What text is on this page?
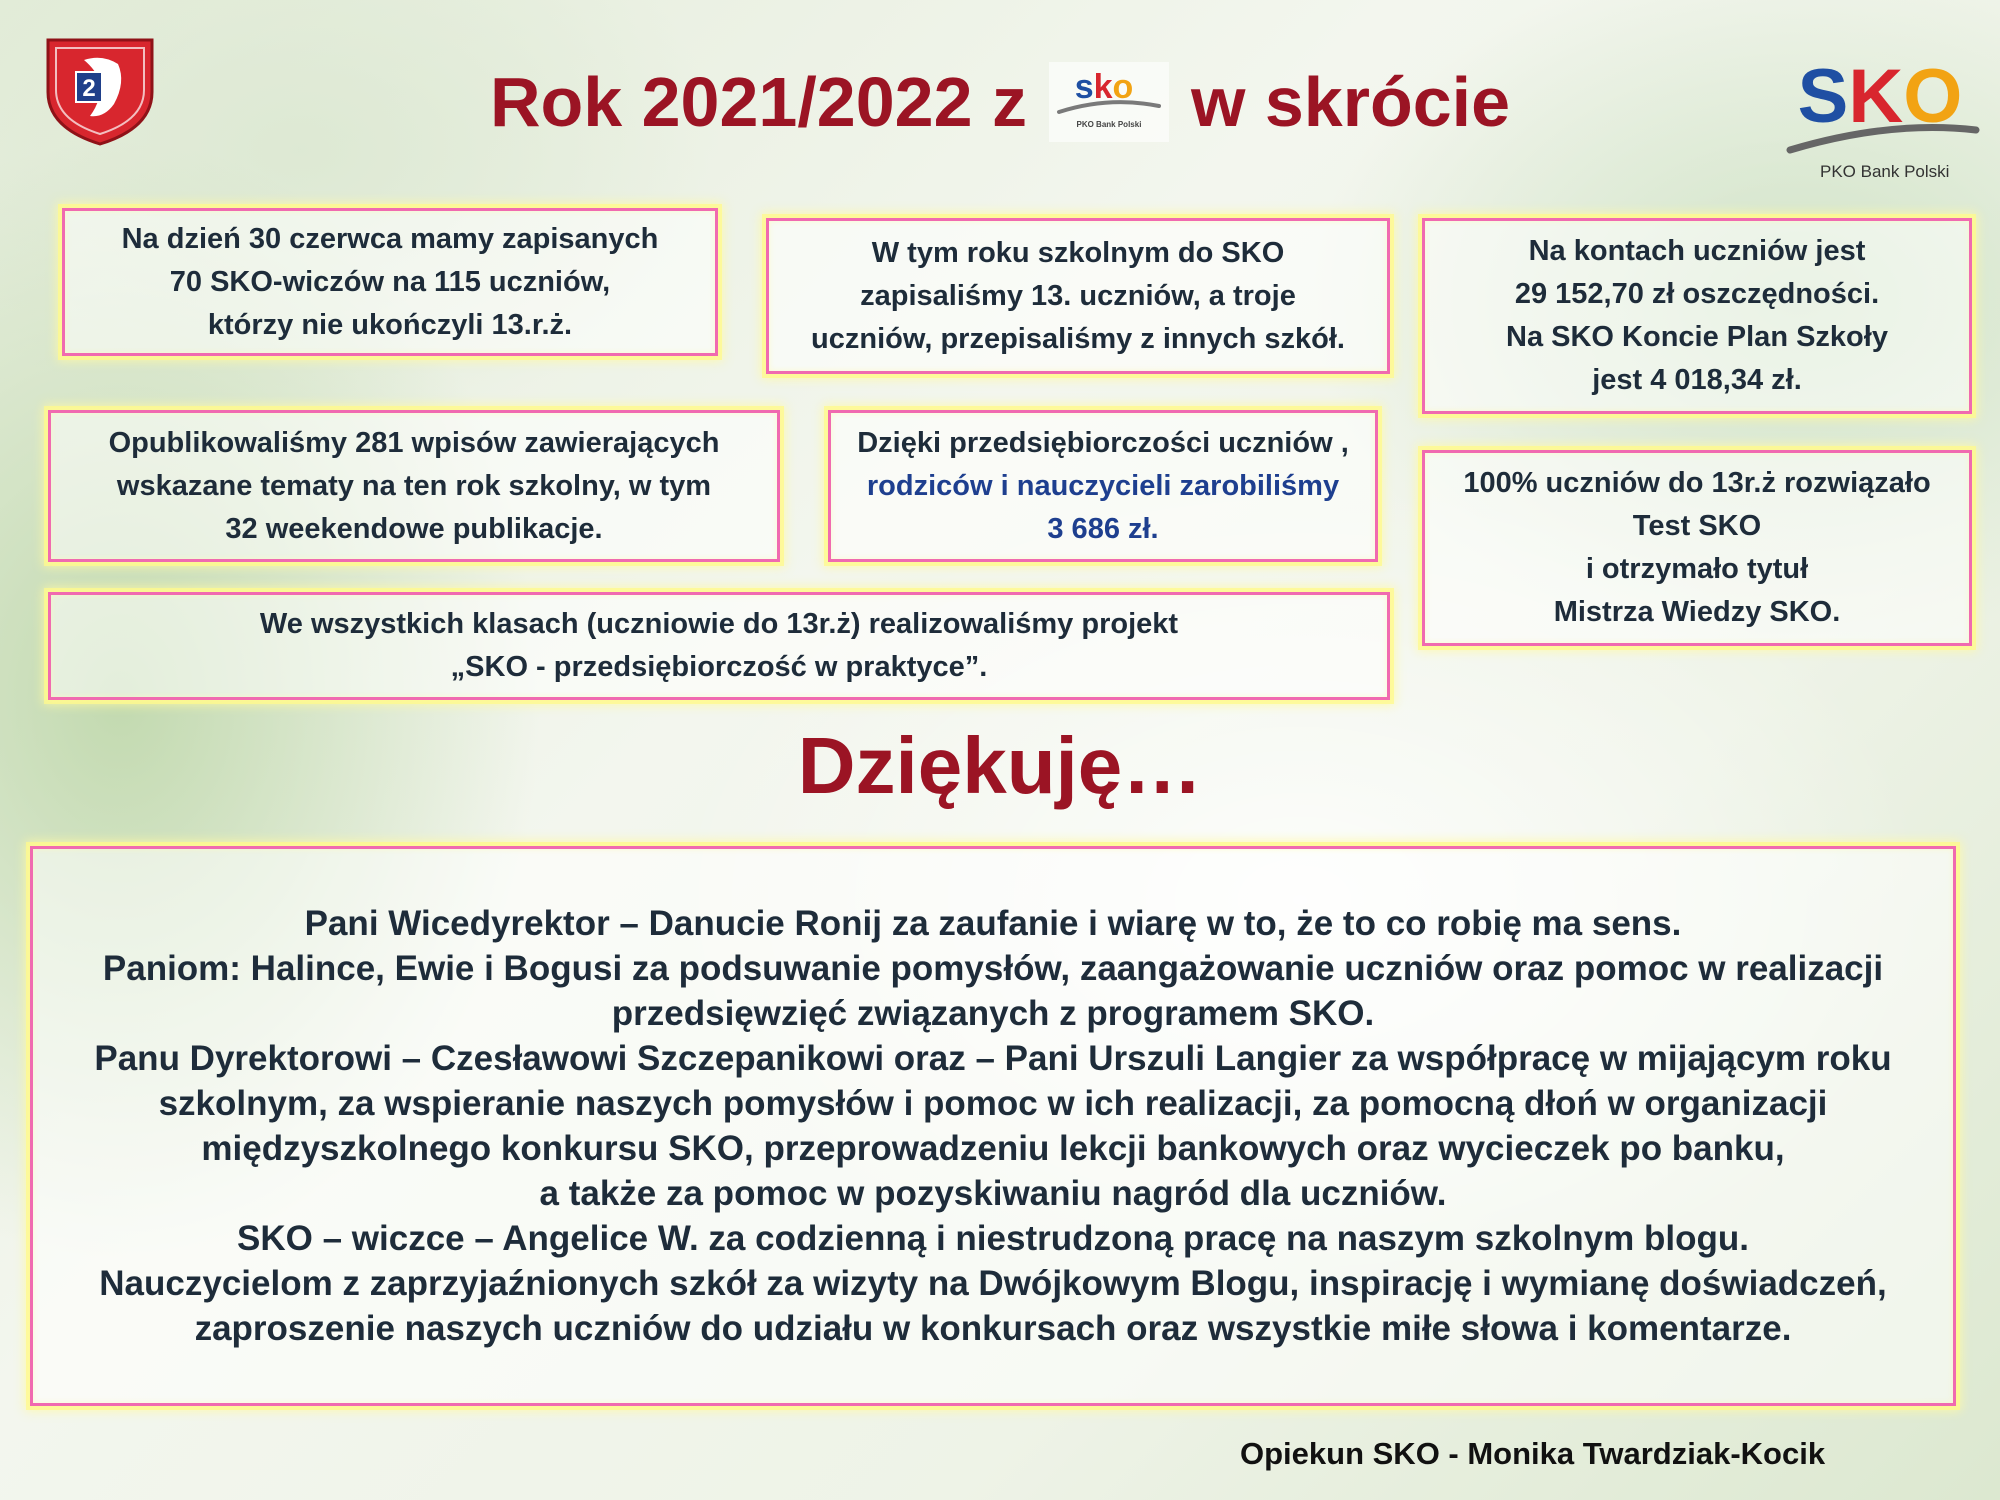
2	Rok 2021/2022 z sko
PKO Bank Polski w skrócie	SKO
PKO Bank Polski
Na dzień 30 czerwca mamy zapisanych
70 SKO-wiczów na 115 uczniów,
którzy nie ukończyli 13.r.ż.
W tym roku szkolnym do SKO
zapisaliśmy 13. uczniów, a troje
uczniów, przepisaliśmy z innych szkół.
Na kontach uczniów jest
29 152,70 zł oszczędności.
Na SKO Koncie Plan Szkoły
jest 4 018,34 zł.
Opublikowaliśmy 281 wpisów zawierających
wskazane tematy na ten rok szkolny, w tym
32 weekendowe publikacje.
Dzięki przedsiębiorczości uczniów ,
rodziców i nauczycieli zarobiliśmy
3 686 zł.
100% uczniów do 13r.ż rozwiązało
Test SKO
i otrzymało tytuł
Mistrza Wiedzy SKO.
We wszystkich klasach (uczniowie do 13r.ż) realizowaliśmy projekt
„SKO - przedsiębiorczość w praktyce”.
Dziękuję…
Pani Wicedyrektor – Danucie Ronij za zaufanie i wiarę w to, że to co robię ma sens.
Paniom: Halince, Ewie i Bogusi za podsuwanie pomysłów, zaangażowanie uczniów oraz pomoc w realizacji
przedsięwzięć związanych z programem SKO.
Panu Dyrektorowi – Czesławowi Szczepanikowi oraz – Pani Urszuli Langier za współpracę w mijającym roku
szkolnym, za wspieranie naszych pomysłów i pomoc w ich realizacji, za pomocną dłoń w organizacji
międzyszkolnego konkursu SKO, przeprowadzeniu lekcji bankowych oraz wycieczek po banku,
a także za pomoc w pozyskiwaniu nagród dla uczniów.
SKO – wiczce – Angelice W. za codzienną i niestrudzoną pracę na naszym szkolnym blogu.
Nauczycielom z zaprzyjaźnionych szkół za wizyty na Dwójkowym Blogu, inspirację i wymianę doświadczeń,
zaproszenie naszych uczniów do udziału w konkursach oraz wszystkie miłe słowa i komentarze.
Opiekun SKO - Monika Twardziak-Kocik
